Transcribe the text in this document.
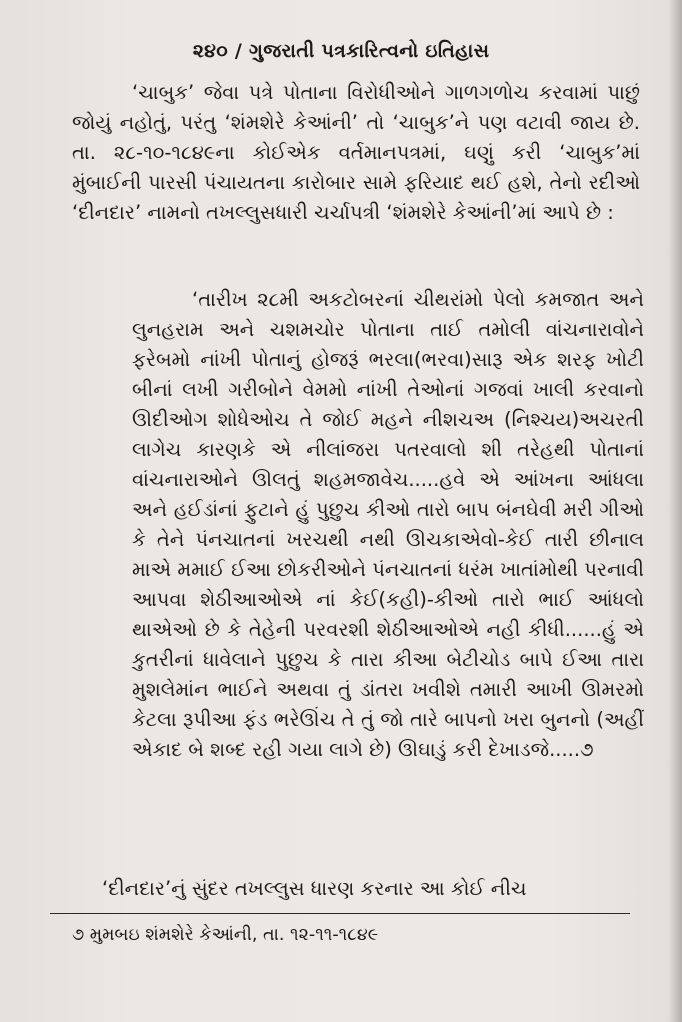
૨૪૦ / ગુજરાતી પત્રકારિત્વનો ઇતિહાસ

‘ચાબુક’ જેવા પત્રે પોતાના વિરોધીઓને ગાળગળોચ કરવામાં પાછું જોયું નહોતું, પરંતુ ‘શંમશેરે કેઆંની’ તો ‘ચાબુક’ને પણ વટાવી જાય છે. તા. ૨૮-૧૦-૧૮૪૯ના કોઈએક વર્તમાનપત્રમાં, ઘણું કરી ‘ચાબુક’માં મુંબાઈની પારસી પંચાયતના કારોબાર સામે ફરિયાદ થઈ હશે, તેનો રદીઓ ‘દીનદાર’ નામનો તખલ્લુસધારી ચર્ચાપત્રી ‘શંમશેરે કેઆંની’માં આપે છે :

‘તારીખ ૨૮મી અકટોબરનાં ચીથરાંમો પેલો કમજાત અને લુનહરામ અને ચશમચોર પોતાના તાઈ તમોલી વાંચનારાવોને ફરેબમો નાંખી પોતાનું હોજરૂં ભરલા(ભરવા)સારૂ એક શરફ ખોટી બીનાં લખી ગરીબોને વેમમો નાંખી તેઓનાં ગજવાં ખાલી કરવાનો ઊદીઓગ શોધેઓચ તે જોઈ મહને નીશચઅ (નિશ્ચય)અચરતી લાગેચ કારણકે એ નીલાંજરા પતરવાલો શી તરેહથી પોતાનાં વાંચનારાઓને ઊલતું શહમજાવેચ.....હવે એ આંખના આંધલા અને હઈડાંનાં ફુટાને હું પુછુચ કીઓ તારો બાપ બંનઘેવી મરી ગીઓ કે તેને પંનચાતનાં ખરચથી નથી ઊચકાએવો-કેઈ તારી છીનાલ માએ મમાઈ ઈઆ છોકરીઓને પંનચાતનાં ધરંમ ખાતાંમોથી પરનાવી આપવા શેઠીઆઓએ નાં કેઈ(કહી)-કીઓ તારો ભાઈ આંધલો થાએઓ છે કે તેહેની પરવરશી શેઠીઆઓએ નહી કીધી......હું એ કુતરીનાં ધાવેલાને પુછુચ કે તારા કીઆ બેટીચોડ બાપે ઈઆ તારા મુશલેમાંન ભાઈને અથવા તું ડાંતરા ખવીશે તમારી આખી ઊમરમો કેટલા રૂપીઆ ફંડ ભરેઊંચ તે તું જો તારે બાપનો ખરા બુનનો (અહીં એકાદ બે શબ્દ રહી ગયા લાગે છે) ઊઘાડું કરી દેખાડજે.....૭

‘દીનદાર’નું સુંદર તખલ્લુસ ધારણ કરનાર આ કોઈ નીચ
૭ મુમબઇ શંમશેરે કેઆંની, તા. ૧૨-૧૧-૧૮૪૯
